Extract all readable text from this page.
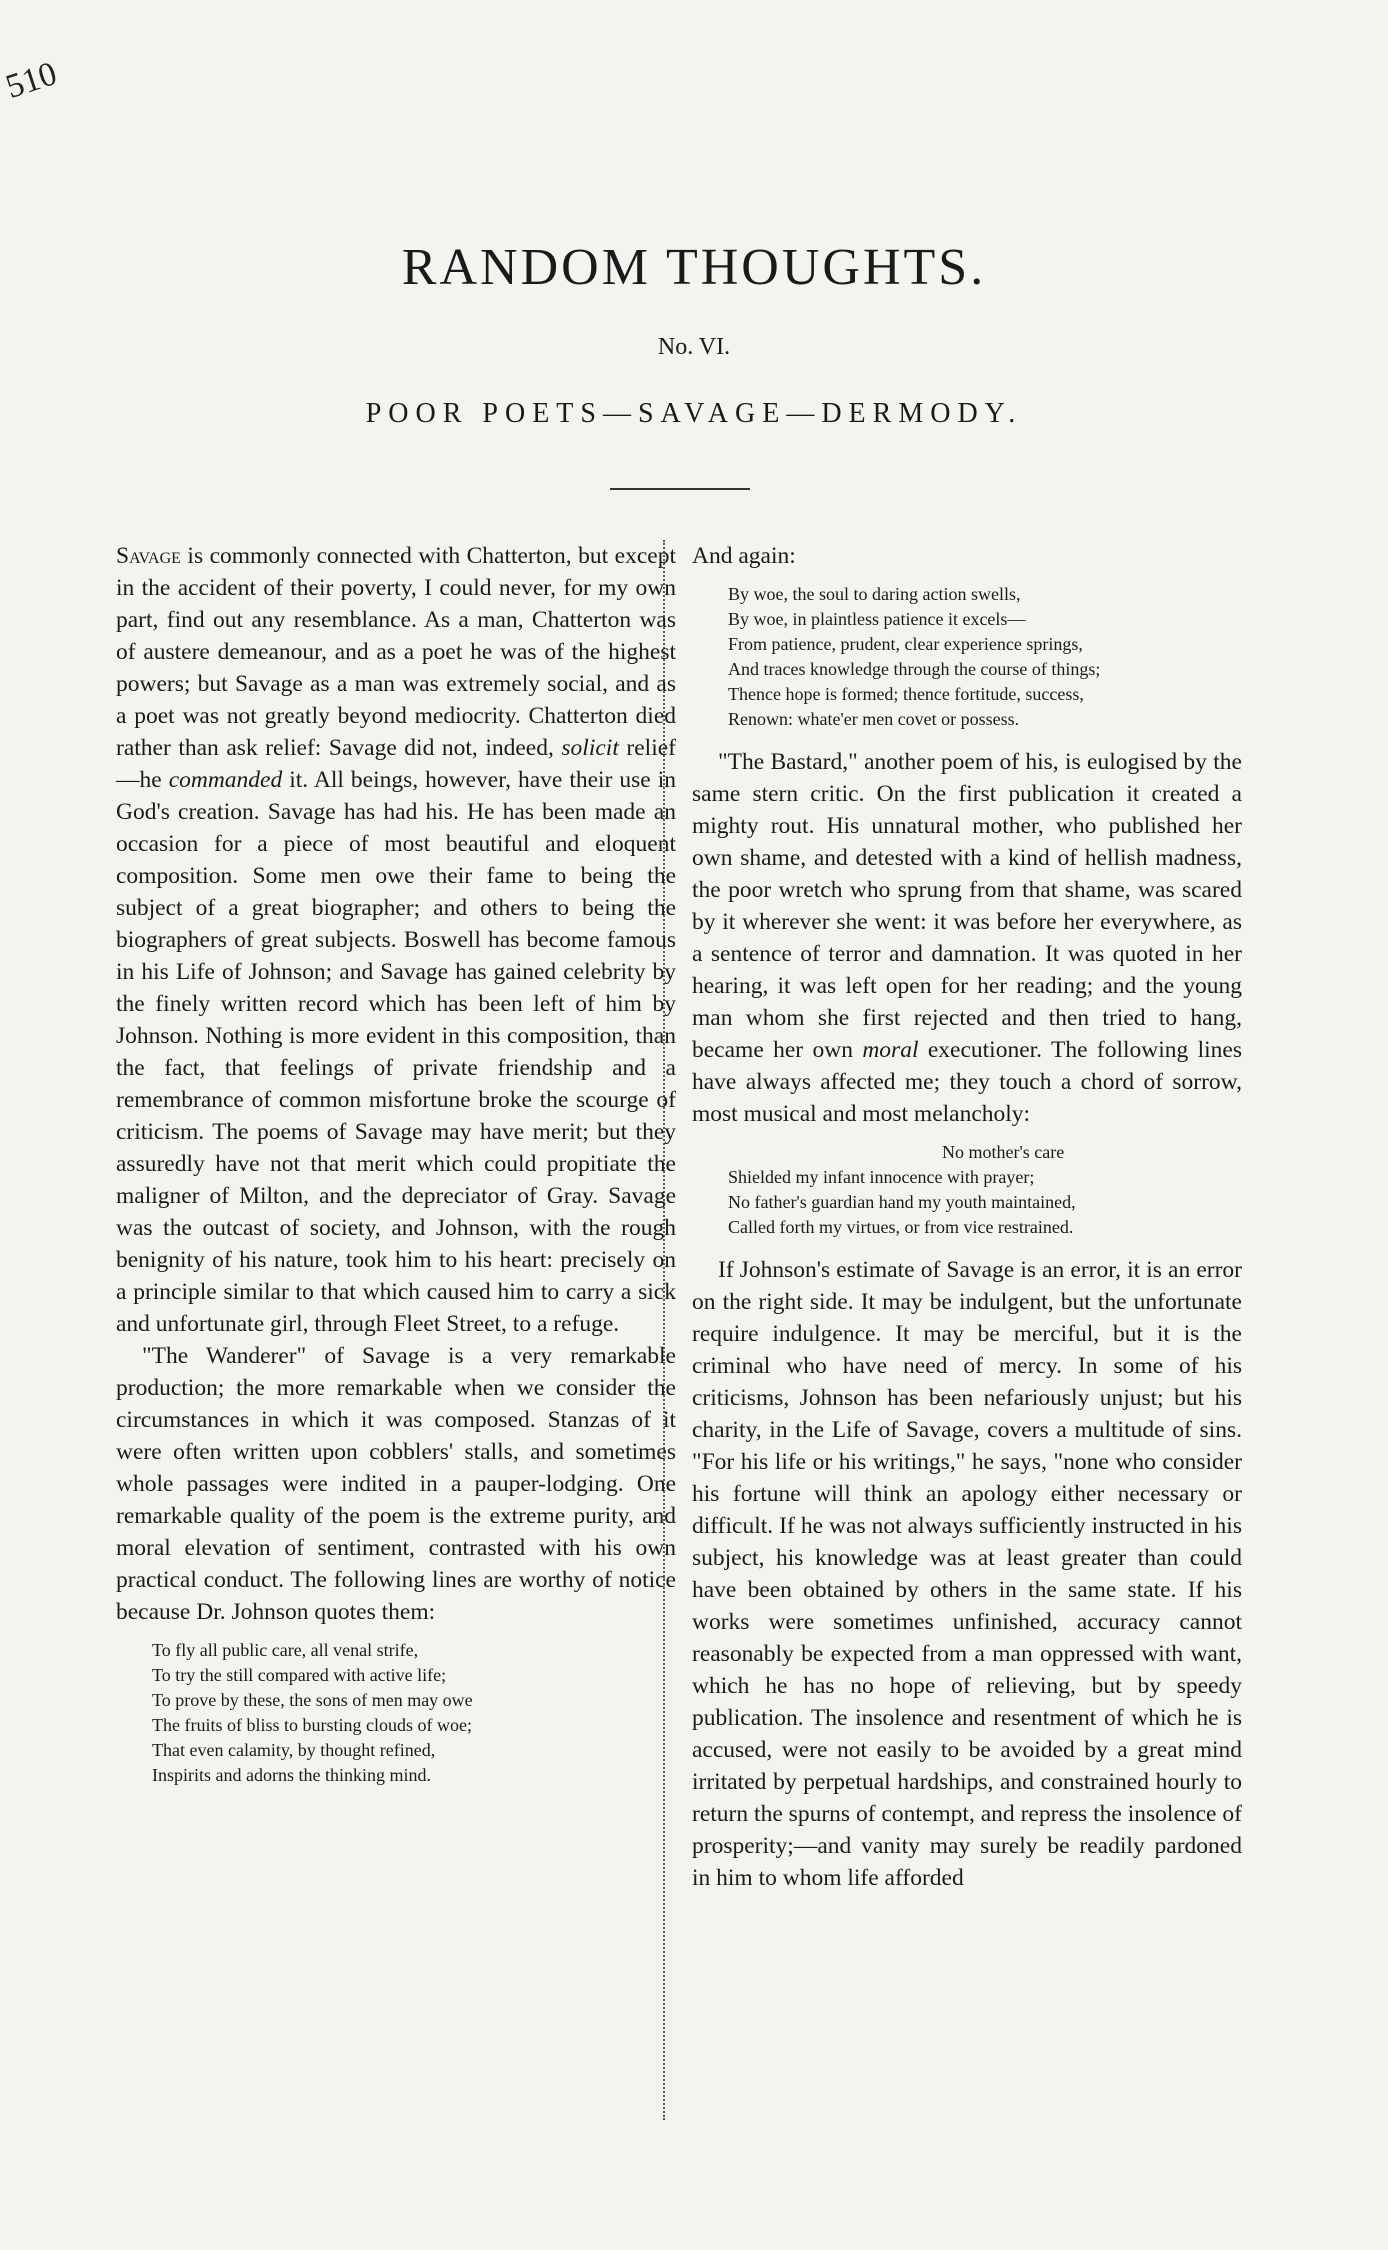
510
RANDOM THOUGHTS.
No. VI.
POOR POETS—SAVAGE—DERMODY.

Savage is commonly connected with Chatterton, but except in the accident of their poverty, I could never, for my own part, find out any resemblance. As a man, Chatterton was of austere demeanour, and as a poet he was of the highest powers; but Savage as a man was extremely social, and as a poet was not greatly beyond mediocrity. Chatterton died rather than ask relief: Savage did not, indeed, solicit relief—he commanded it. All beings, however, have their use in God's creation. Savage has had his. He has been made an occasion for a piece of most beautiful and eloquent composition. Some men owe their fame to being the subject of a great biographer; and others to being the biographers of great subjects. Boswell has become famous in his Life of Johnson; and Savage has gained celebrity by the finely written record which has been left of him by Johnson. Nothing is more evident in this composition, than the fact, that feelings of private friendship and a remembrance of common misfortune broke the scourge of criticism. The poems of Savage may have merit; but they assuredly have not that merit which could propitiate the maligner of Milton, and the depreciator of Gray. Savage was the outcast of society, and Johnson, with the rough benignity of his nature, took him to his heart: precisely on a principle similar to that which caused him to carry a sick and unfortunate girl, through Fleet Street, to a refuge.

"The Wanderer" of Savage is a very remarkable production; the more remarkable when we consider the circumstances in which it was composed. Stanzas of it were often written upon cobblers' stalls, and sometimes whole passages were indited in a pauper-lodging. One remarkable quality of the poem is the extreme purity, and moral elevation of sentiment, contrasted with his own practical conduct. The following lines are worthy of notice because Dr. Johnson quotes them:

To fly all public care, all venal strife,
To try the still compared with active life;
To prove by these, the sons of men may owe
The fruits of bliss to bursting clouds of woe;
That even calamity, by thought refined,
Inspirits and adorns the thinking mind.

And again:

By woe, the soul to daring action swells,
By woe, in plaintless patience it excels—
From patience, prudent, clear experience springs,
And traces knowledge through the course of things;
Thence hope is formed; thence fortitude, success,
Renown: whate'er men covet or possess.

"The Bastard," another poem of his, is eulogised by the same stern critic. On the first publication it created a mighty rout. His unnatural mother, who published her own shame, and detested with a kind of hellish madness, the poor wretch who sprung from that shame, was scared by it wherever she went: it was before her everywhere, as a sentence of terror and damnation. It was quoted in her hearing, it was left open for her reading; and the young man whom she first rejected and then tried to hang, became her own moral executioner. The following lines have always affected me; they touch a chord of sorrow, most musical and most melancholy:

No mother's care
Shielded my infant innocence with prayer;
No father's guardian hand my youth maintained,
Called forth my virtues, or from vice restrained.

If Johnson's estimate of Savage is an error, it is an error on the right side. It may be indulgent, but the unfortunate require indulgence. It may be merciful, but it is the criminal who have need of mercy. In some of his criticisms, Johnson has been nefariously unjust; but his charity, in the Life of Savage, covers a multitude of sins. "For his life or his writings," he says, "none who consider his fortune will think an apology either necessary or difficult. If he was not always sufficiently instructed in his subject, his knowledge was at least greater than could have been obtained by others in the same state. If his works were sometimes unfinished, accuracy cannot reasonably be expected from a man oppressed with want, which he has no hope of relieving, but by speedy publication. The insolence and resentment of which he is accused, were not easily to be avoided by a great mind irritated by perpetual hardships, and constrained hourly to return the spurns of contempt, and repress the insolence of prosperity;—and vanity may surely be readily pardoned in him to whom life afforded
